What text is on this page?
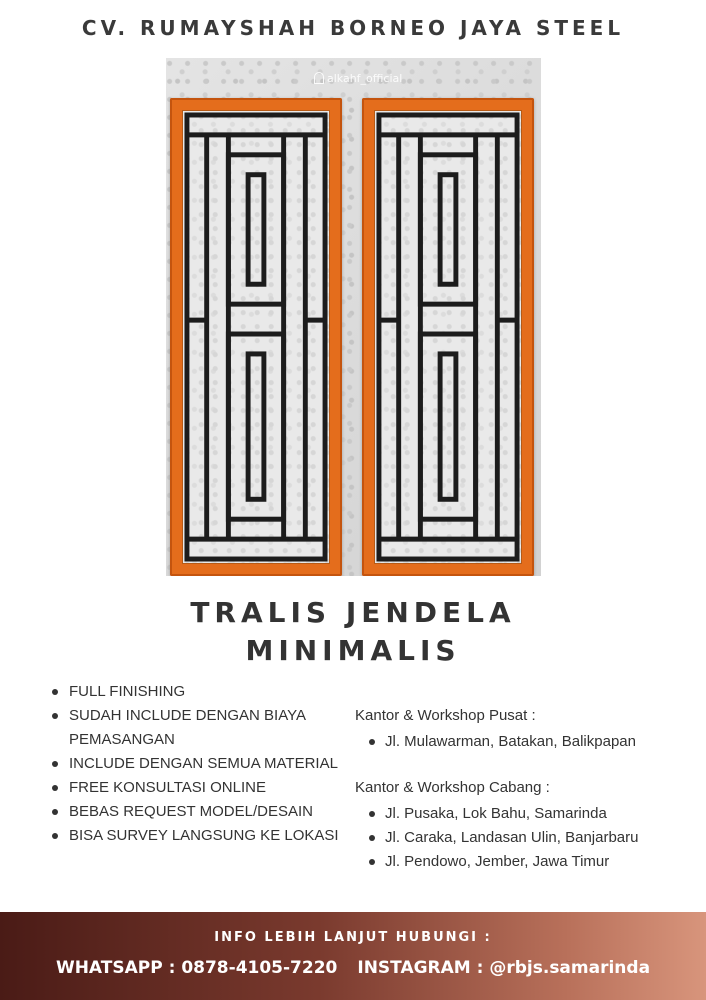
CV. RUMAYSHAH BORNEO JAYA STEEL
alkahf_official
TRALIS JENDELA
MINIMALIS
FULL FINISHING
SUDAH INCLUDE DENGAN BIAYA PEMASANGAN
INCLUDE DENGAN SEMUA MATERIAL
FREE KONSULTASI ONLINE
BEBAS REQUEST MODEL/DESAIN
BISA SURVEY LANGSUNG KE LOKASI
Kantor & Workshop Pusat :
Jl. Mulawarman, Batakan, Balikpapan
Kantor & Workshop Cabang :
Jl. Pusaka, Lok Bahu, Samarinda
Jl. Caraka, Landasan Ulin, Banjarbaru
Jl. Pendowo, Jember, Jawa Timur
INFO LEBIH LANJUT HUBUNGI :
WHATSAPP : 0878-4105-7220 INSTAGRAM : @rbjs.samarinda
